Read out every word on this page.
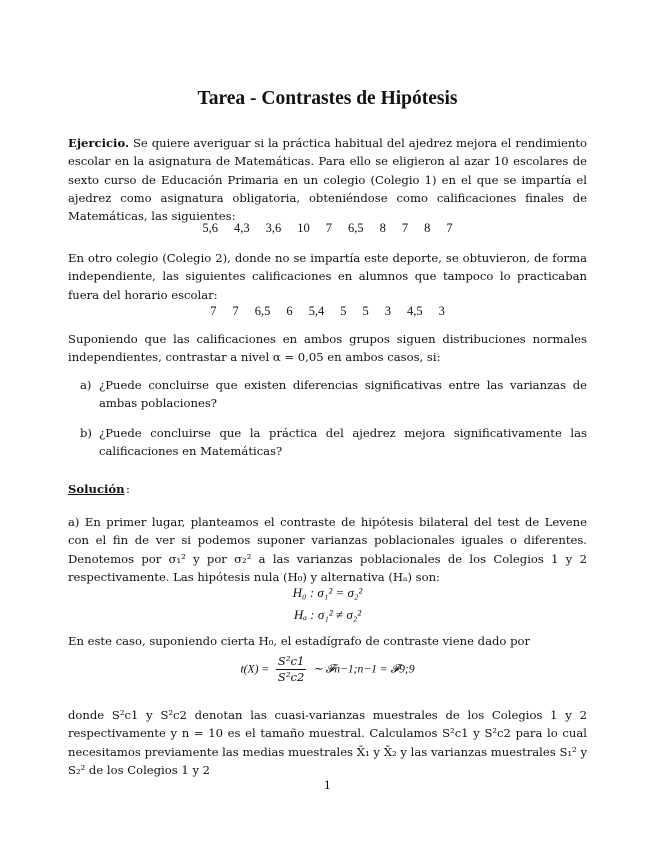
Tarea - Contrastes de Hipótesis
Ejercicio. Se quiere averiguar si la práctica habitual del ajedrez mejora el rendimiento escolar en la asignatura de Matemáticas. Para ello se eligieron al azar 10 escolares de sexto curso de Educación Primaria en un colegio (Colegio 1) en el que se impartía el ajedrez como asignatura obligatoria, obteniéndose como calificaciones finales de Matemáticas, las siguientes:
5,6 4,3 3,6 10 7 6,5 8 7 8 7
En otro colegio (Colegio 2), donde no se impartía este deporte, se obtuvieron, de forma independiente, las siguientes calificaciones en alumnos que tampoco lo practicaban fuera del horario escolar:
7 7 6,5 6 5,4 5 5 3 4,5 3
Suponiendo que las calificaciones en ambos grupos siguen distribuciones normales independientes, contrastar a nivel α = 0,05 en ambos casos, si:
a) ¿Puede concluirse que existen diferencias significativas entre las varianzas de ambas poblaciones?
b) ¿Puede concluirse que la práctica del ajedrez mejora significativamente las calificaciones en Matemáticas?
Solución :
a) En primer lugar, planteamos el contraste de hipótesis bilateral del test de Levene con el fin de ver si podemos suponer varianzas poblacionales iguales o diferentes. Denotemos por σ₁² y por σ₂² a las varianzas poblacionales de los Colegios 1 y 2 respectivamente. Las hipótesis nula (H₀) y alternativa (Hₐ) son:
H₀ : σ₁² = σ₂²
Hₐ : σ₁² ≠ σ₂²
En este caso, suponiendo cierta H₀, el estadígrafo de contraste viene dado por
$t(X) = \frac{\text{S²c1}}{\text{S²c2}}$ ∼ 𝓕n−1;n−1 = 𝓕9;9
donde S²c1 y S²c2 denotan las cuasi-varianzas muestrales de los Colegios 1 y 2 respectivamente y n = 10 es el tamaño muestral. Calculamos S²c1 y S²c2 para lo cual necesitamos previamente las medias muestrales X̄₁ y X̄₂ y las varianzas muestrales S₁² y S₂² de los Colegios 1 y 2
1
